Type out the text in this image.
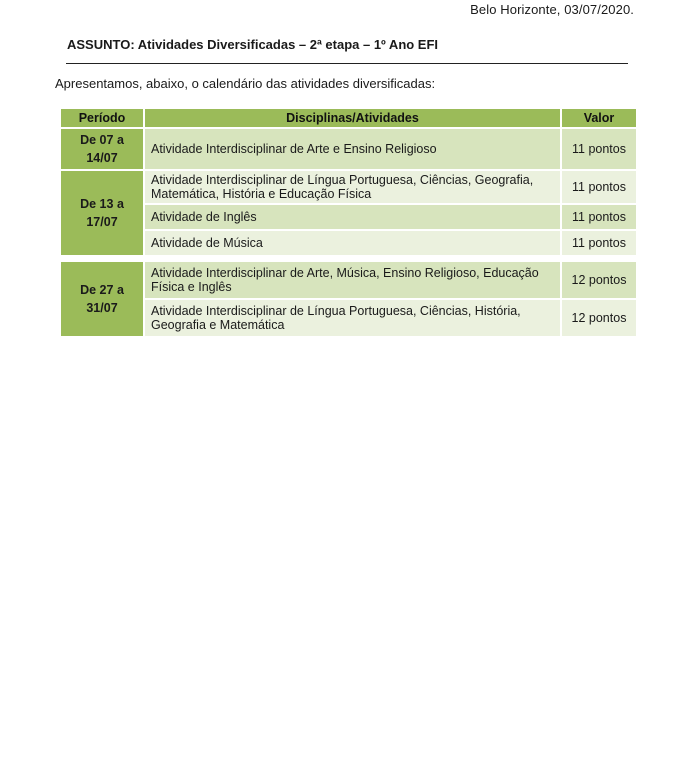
Belo Horizonte, 03/07/2020.
ASSUNTO: Atividades Diversificadas – 2ª etapa – 1º Ano EFI
Apresentamos, abaixo, o calendário das atividades diversificadas:
Período	Disciplinas/Atividades	Valor
De 07 a 14/07	Atividade Interdisciplinar de Arte e Ensino Religioso	11 pontos
De 13 a 17/07	Atividade Interdisciplinar de Língua Portuguesa, Ciências, Geografia, Matemática, História e Educação Física	11 pontos
	Atividade de Inglês	11 pontos
	Atividade de Música	11 pontos

De 27 a 31/07	Atividade Interdisciplinar de Arte, Música, Ensino Religioso, Educação Física e Inglês	12 pontos
	Atividade Interdisciplinar de Língua Portuguesa, Ciências, História, Geografia e Matemática	12 pontos
